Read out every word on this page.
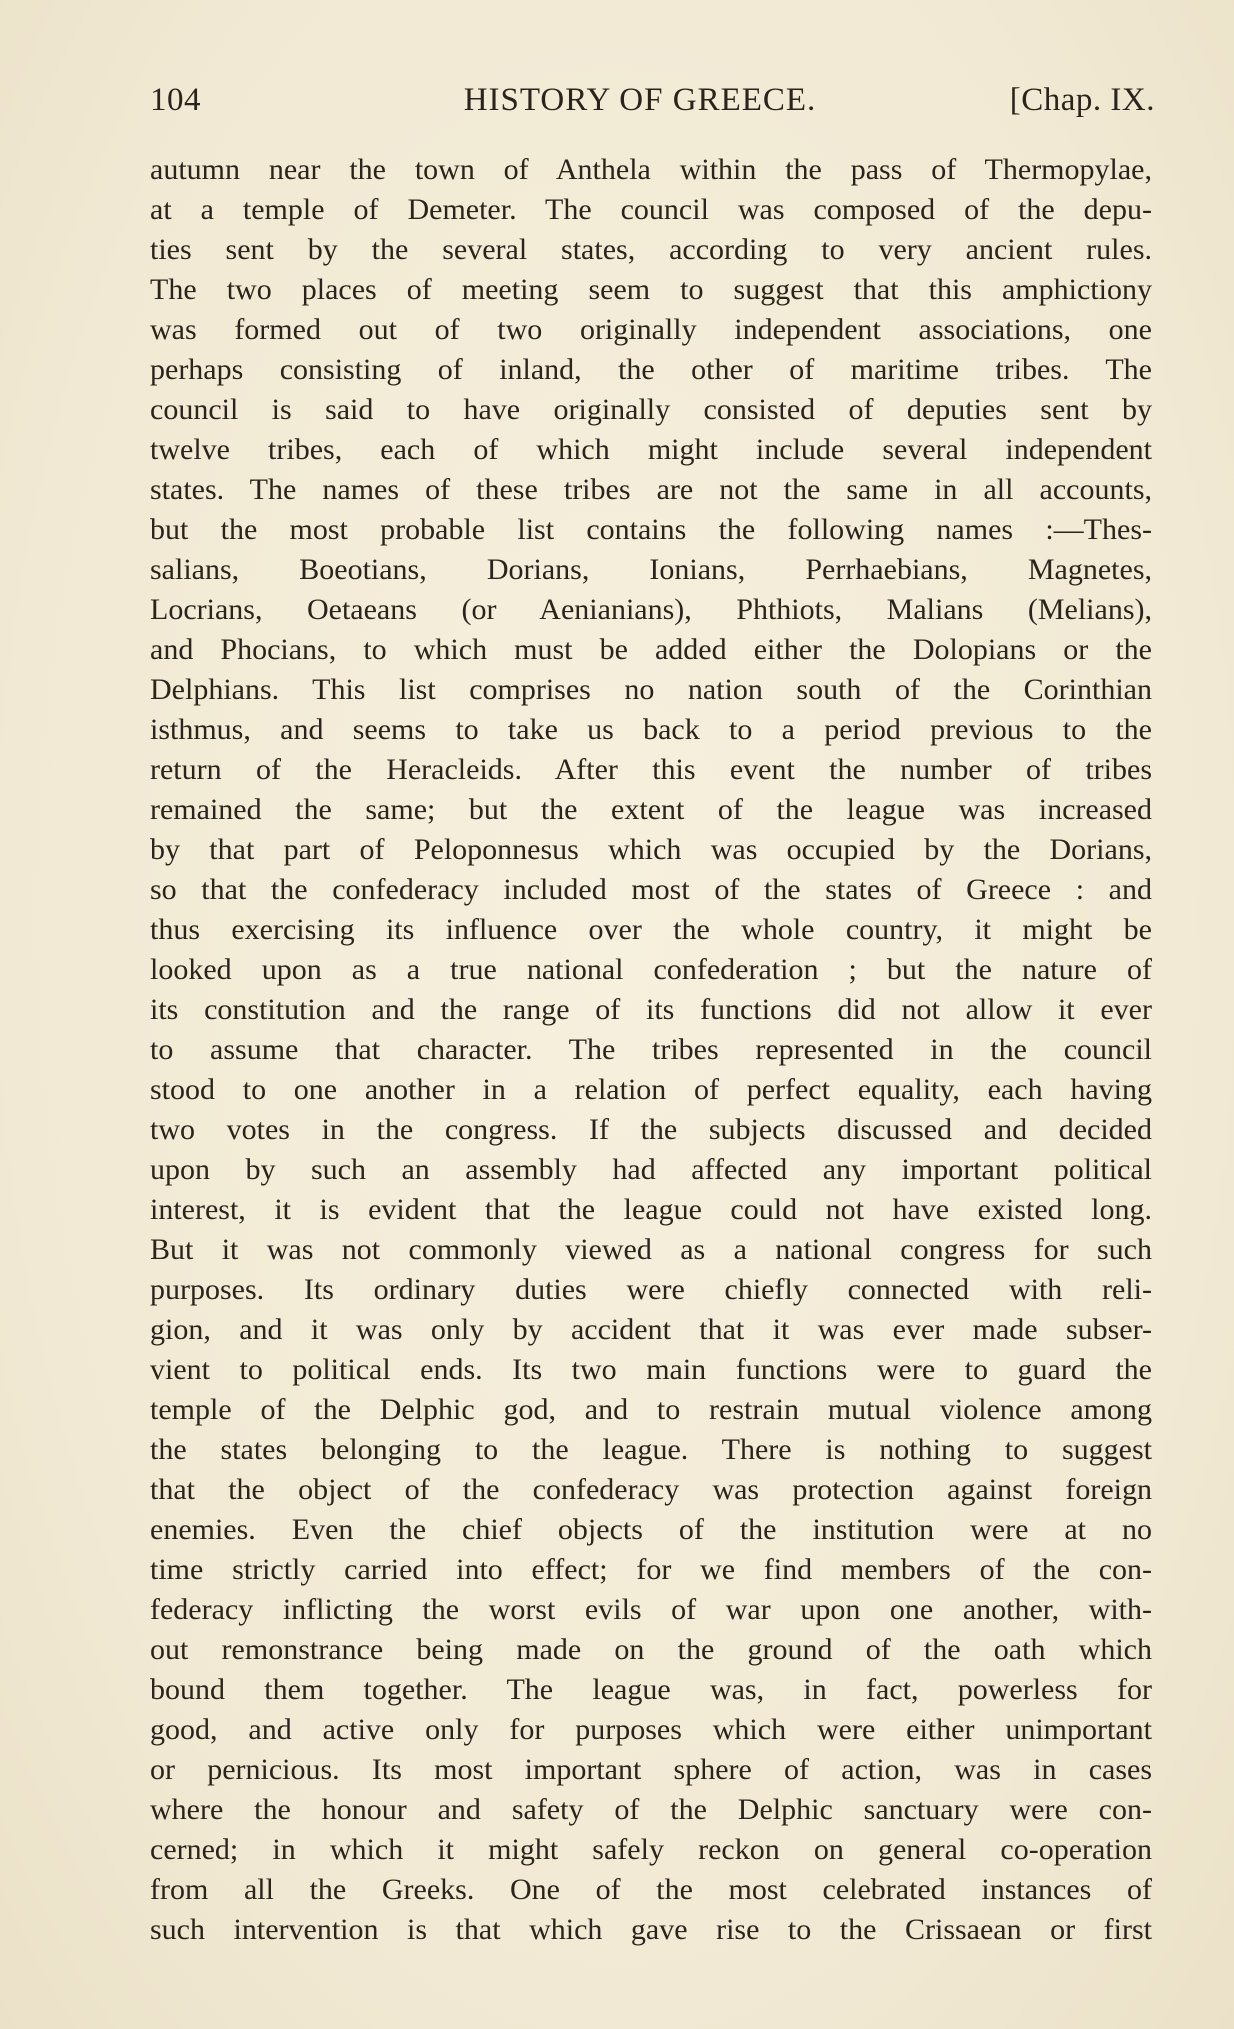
104	HISTORY OF GREECE.	[Chap. IX.
autumn near the town of Anthela within the pass of Thermopylae,
at a temple of Demeter. The council was composed of the depu-
ties sent by the several states, according to very ancient rules.
The two places of meeting seem to suggest that this amphictiony
was formed out of two originally independent associations, one
perhaps consisting of inland, the other of maritime tribes. The
council is said to have originally consisted of deputies sent by
twelve tribes, each of which might include several independent
states. The names of these tribes are not the same in all accounts,
but the most probable list contains the following names :—Thes-
salians, Boeotians, Dorians, Ionians, Perrhaebians, Magnetes,
Locrians, Oetaeans (or Aenianians), Phthiots, Malians (Melians),
and Phocians, to which must be added either the Dolopians or the
Delphians. This list comprises no nation south of the Corinthian
isthmus, and seems to take us back to a period previous to the
return of the Heracleids. After this event the number of tribes
remained the same; but the extent of the league was increased
by that part of Peloponnesus which was occupied by the Dorians,
so that the confederacy included most of the states of Greece : and
thus exercising its influence over the whole country, it might be
looked upon as a true national confederation ; but the nature of
its constitution and the range of its functions did not allow it ever
to assume that character. The tribes represented in the council
stood to one another in a relation of perfect equality, each having
two votes in the congress. If the subjects discussed and decided
upon by such an assembly had affected any important political
interest, it is evident that the league could not have existed long.
But it was not commonly viewed as a national congress for such
purposes. Its ordinary duties were chiefly connected with reli-
gion, and it was only by accident that it was ever made subser-
vient to political ends. Its two main functions were to guard the
temple of the Delphic god, and to restrain mutual violence among
the states belonging to the league. There is nothing to suggest
that the object of the confederacy was protection against foreign
enemies. Even the chief objects of the institution were at no
time strictly carried into effect; for we find members of the con-
federacy inflicting the worst evils of war upon one another, with-
out remonstrance being made on the ground of the oath which
bound them together. The league was, in fact, powerless for
good, and active only for purposes which were either unimportant
or pernicious. Its most important sphere of action, was in cases
where the honour and safety of the Delphic sanctuary were con-
cerned; in which it might safely reckon on general co-operation
from all the Greeks. One of the most celebrated instances of
such intervention is that which gave rise to the Crissaean or first
